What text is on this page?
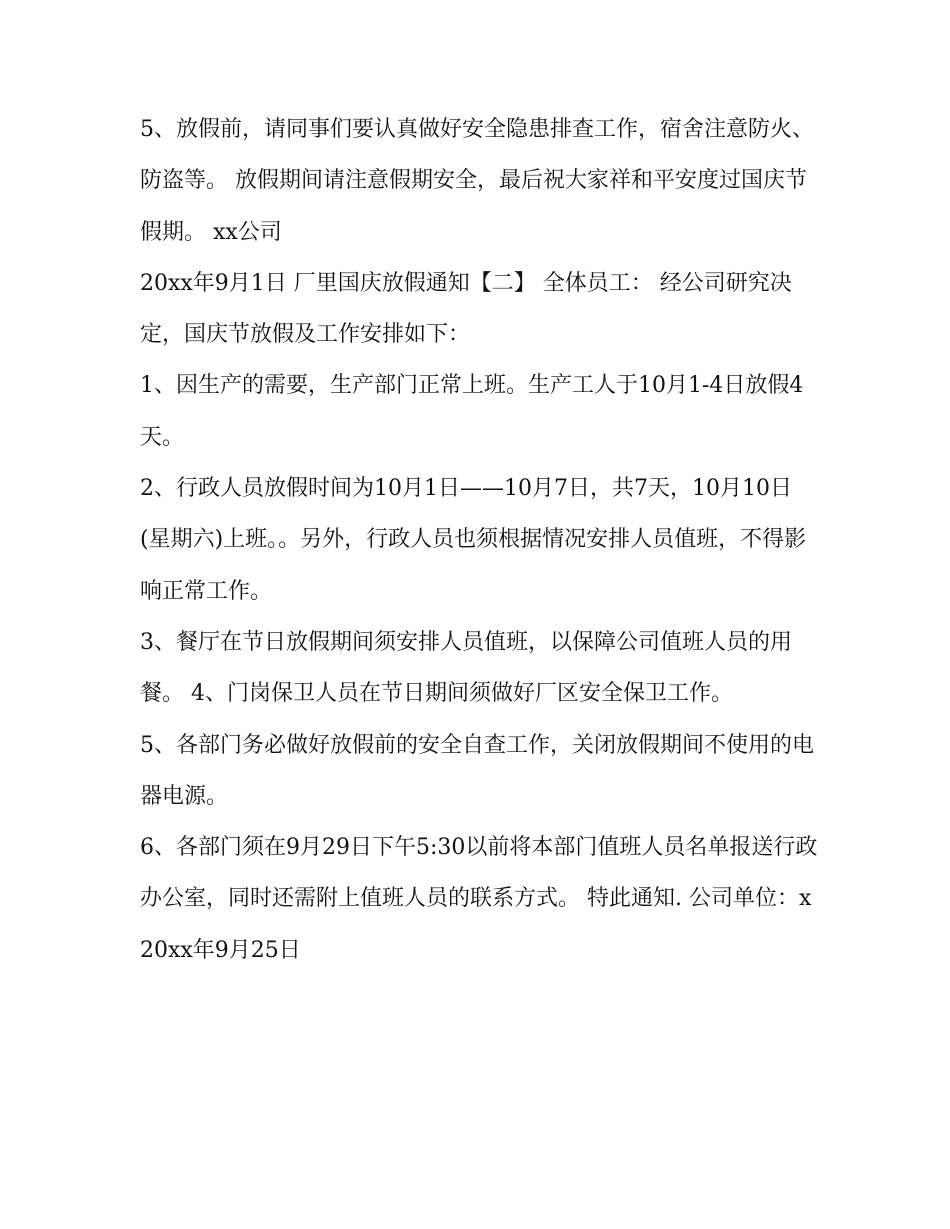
5、放假前，请同事们要认真做好安全隐患排查工作，宿舍注意防火、防盗等。 放假期间请注意假期安全，最后祝大家祥和平安度过国庆节假期。 xx公司

20xx年9月1日 厂里国庆放假通知【二】 全体员工： 经公司研究决定，国庆节放假及工作安排如下：

1、因生产的需要，生产部门正常上班。生产工人于10月1-4日放假4天。

2、行政人员放假时间为10月1日——10月7日，共7天，10月10日(星期六)上班。。另外，行政人员也须根据情况安排人员值班，不得影响正常工作。

3、餐厅在节日放假期间须安排人员值班，以保障公司值班人员的用餐。 4、门岗保卫人员在节日期间须做好厂区安全保卫工作。

5、各部门务必做好放假前的安全自查工作，关闭放假期间不使用的电器电源。

6、各部门须在9月29日下午5:30以前将本部门值班人员名单报送行政办公室，同时还需附上值班人员的联系方式。 特此通知. 公司单位：x 20xx年9月25日
